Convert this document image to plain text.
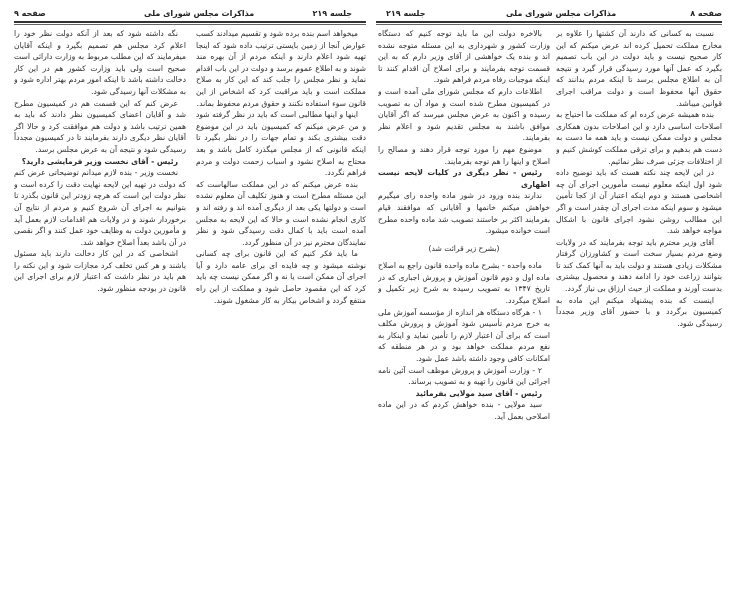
صفحه ۹	مذاکرات مجلس شورای ملی	جلسه ۲۱۹

میخواهد اسم بنده برده شود و تقسیم میدادند کسب عوارض آنجا از زمین بایستی ترتیب داده شود که اینجا تهیه شود اعلام دارند و اینکه مردم از آن بهره مند شوند و به اطلاع عموم برسد و دولت در این باب اقدام نماید و نظر مجلس را جلب کند که این کار به صلاح مملکت است و باید مراقبت کرد که اشخاص از این قانون سوء استفاده نکنند و حقوق مردم محفوظ بماند.

اینها و اینها مطالبی است که باید در نظر گرفته شود و من عرض میکنم که کمیسیون باید در این موضوع دقت بیشتری بکند و تمام جهات را در نظر بگیرد تا اینکه قانونی که از مجلس میگذرد کامل باشد و بعد محتاج به اصلاح نشود و اسباب زحمت دولت و مردم فراهم نگردد.

بنده عرض میکنم که در این مملکت سالهاست که این مسئله مطرح است و هنوز تکلیف آن معلوم نشده است و دولتها یکی بعد از دیگری آمده اند و رفته اند و کاری انجام نشده است و حالا که این لایحه به مجلس آمده است باید با کمال دقت رسیدگی شود و نظر نمایندگان محترم نیز در آن منظور گردد.

ما باید فکر کنیم که این قانون برای چه کسانی نوشته میشود و چه فایده ای برای عامه دارد و آیا اجرای آن ممکن است یا نه و اگر ممکن نیست چه باید کرد که این مقصود حاصل شود و مملکت از این راه منتفع گردد و اشخاص بیکار به کار مشغول شوند.

نگه داشته شود که بعد از آنکه دولت نظر خود را اعلام کرد مجلس هم تصمیم بگیرد و اینکه آقایان میفرمایند که این مطلب مربوط به وزارت دارائی است صحیح است ولی باید وزارت کشور هم در این کار دخالت داشته باشد تا اینکه امور مردم بهتر اداره شود و به مشکلات آنها رسیدگی شود.

عرض کنم که این قسمت هم در کمیسیون مطرح شد و آقایان اعضای کمیسیون نظر دادند که باید به همین ترتیب باشد و دولت هم موافقت کرد و حالا اگر آقایان نظر دیگری دارند بفرمایند تا در کمیسیون مجدداً رسیدگی شود و نتیجه آن به عرض مجلس برسد.

رئیس - آقای نخست وزیر فرمایشی دارید؟

نخست وزیر - بنده لازم میدانم توضیحاتی عرض کنم که دولت در تهیه این لایحه نهایت دقت را کرده است و نظر دولت این است که هرچه زودتر این قانون بگذرد تا بتوانیم به اجرای آن شروع کنیم و مردم از نتایج آن برخوردار شوند و در ولایات هم اقدامات لازم بعمل آید و مأمورین دولت به وظایف خود عمل کنند و اگر نقصی در آن باشد بعداً اصلاح خواهد شد.

اشخاصی که در این کار دخالت دارند باید مسئول باشند و هر کس تخلف کرد مجازات شود و این نکته را هم باید در نظر داشت که اعتبار لازم برای اجرای این قانون در بودجه منظور شود.

صفحه ۸
مذاکرات مجلس شورای ملی
جلسه ۲۱۹

نسبت به کسانی که دارند آن کشتها را علاوه بر مخارج مملکت تحمیل کرده اند عرض میکنم که این کار صحیح نیست و باید دولت در این باب تصمیم بگیرد که عمل آنها مورد رسیدگی قرار گیرد و نتیجه آن به اطلاع مجلس برسد تا اینکه مردم بدانند که حقوق آنها محفوظ است و دولت مراقب اجرای قوانین میباشد.

بنده همیشه عرض کرده ام که مملکت ما احتیاج به اصلاحات اساسی دارد و این اصلاحات بدون همکاری مجلس و دولت ممکن نیست و باید همه ما دست به دست هم بدهیم و برای ترقی مملکت کوشش کنیم و از اختلافات جزئی صرف نظر نمائیم.

در این لایحه چند نکته هست که باید توضیح داده شود اول اینکه معلوم نیست مأمورین اجرای آن چه اشخاصی هستند و دوم اینکه اعتبار آن از کجا تأمین میشود و سوم اینکه مدت اجرای آن چقدر است و اگر این مطالب روشن نشود اجرای قانون با اشکال مواجه خواهد شد.

آقای وزیر محترم باید توجه بفرمایند که در ولایات وضع مردم بسیار سخت است و کشاورزان گرفتار مشکلات زیادی هستند و دولت باید به آنها کمک کند تا بتوانند زراعت خود را ادامه دهند و محصول بیشتری بدست آورند و مملکت از حیث ارزاق بی نیاز گردد.

اینست که بنده پیشنهاد میکنم این ماده به کمیسیون برگردد و با حضور آقای وزیر مجدداً رسیدگی شود.

بالاخره دولت این ما باید توجه کنیم که دستگاه وزارت کشور و شهرداری به این مسئله متوجه نشده اند و بنده یک خواهشی از آقای وزیر دارم که به این قسمت توجه بفرمایند و برای اصلاح آن اقدام کنند تا اینکه موجبات رفاه مردم فراهم شود.

اطلاعات دارم که مجلس شورای ملی آمده است و در کمیسیون مطرح شده است و مواد آن به تصویب رسیده و اکنون به عرض مجلس میرسد که اگر آقایان موافق باشند به مجلس تقدیم شود و اعلام نظر بفرمایند.

موضوع مهم را مورد توجه قرار دهند و مصالح را اصلاح و اینها را هم توجه بفرمایند.

رئیس - نظر دیگری در کلیات لایحه نیست اظهاری

ندارند بنده ورود در شور ماده واحده رای میگیرم خواهش میکنم خانمها و آقایانی که موافقند قیام بفرمایند اکثر بر خاستند تصویب شد ماده واحده مطرح است خوانده میشود.

(بشرح زیر قرائت شد)

ماده واحده - بشرح ماده واحده قانون راجع به اصلاح ماده اول و دوم قانون آموزش و پرورش اجباری که در تاریخ ۱۳۴۷ به تصویب رسیده به شرح زیر تکمیل و اصلاح میگردد.

۱ - هرگاه دستگاه هر اندازه از مؤسسه آموزش ملی به خرج مردم تأسیس شود آموزش و پرورش مکلف است که برای آن اعتبار لازم را تأمین نماید و اینکار به نفع مردم مملکت خواهد بود و در هر منطقه که امکانات کافی وجود داشته باشد عمل شود.

۲ - وزارت آموزش و پرورش موظف است آئین نامه اجرائی این قانون را تهیه و به تصویب برساند.

رئیس - آقای سید مولایی بفرمائید

سید مولایی - بنده خواهش کردم که در این ماده اصلاحی بعمل آید.
